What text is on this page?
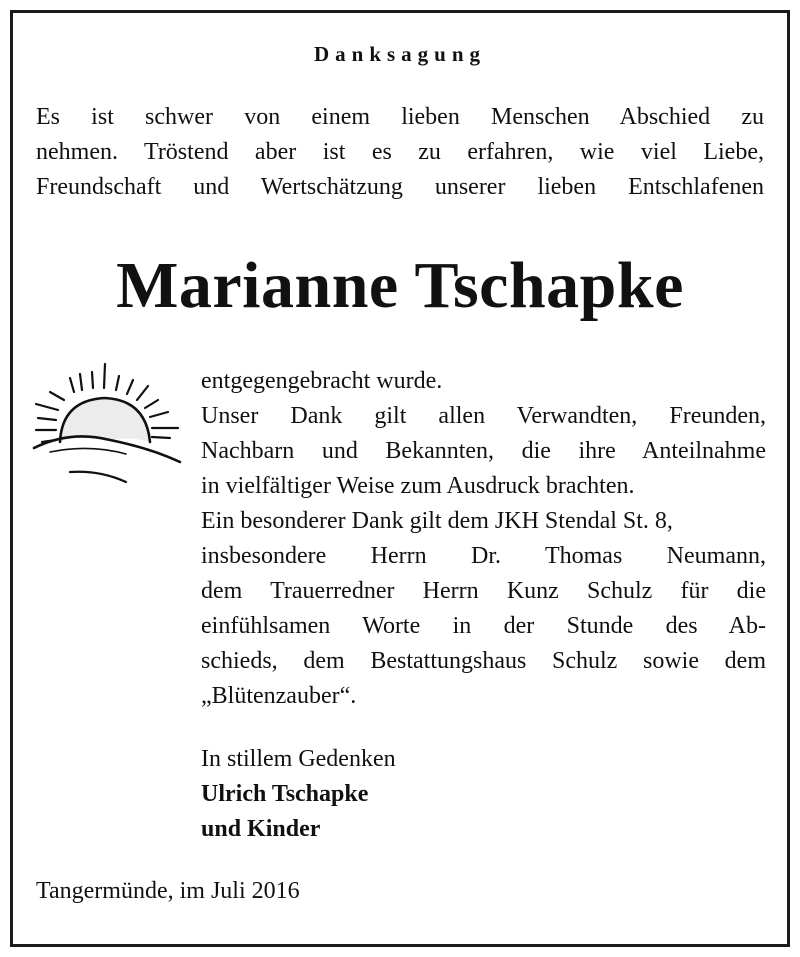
Danksagung
Es ist schwer von einem lieben Menschen Abschied zu
nehmen. Tröstend aber ist es zu erfahren, wie viel Liebe,
Freundschaft und Wertschätzung unserer lieben Entschlafenen
Marianne Tschapke
entgegengebracht wurde.
Unser Dank gilt allen Verwandten, Freunden,
Nachbarn und Bekannten, die ihre Anteilnahme
in vielfältiger Weise zum Ausdruck brachten.
Ein besonderer Dank gilt dem JKH Stendal St. 8,
insbesondere Herrn Dr. Thomas Neumann,
dem Trauerredner Herrn Kunz Schulz für die
einfühlsamen Worte in der Stunde des Ab-
schieds, dem Bestattungshaus Schulz sowie dem
„Blütenzauber“.
In stillem Gedenken
Ulrich Tschapke
und Kinder
Tangermünde, im Juli 2016
